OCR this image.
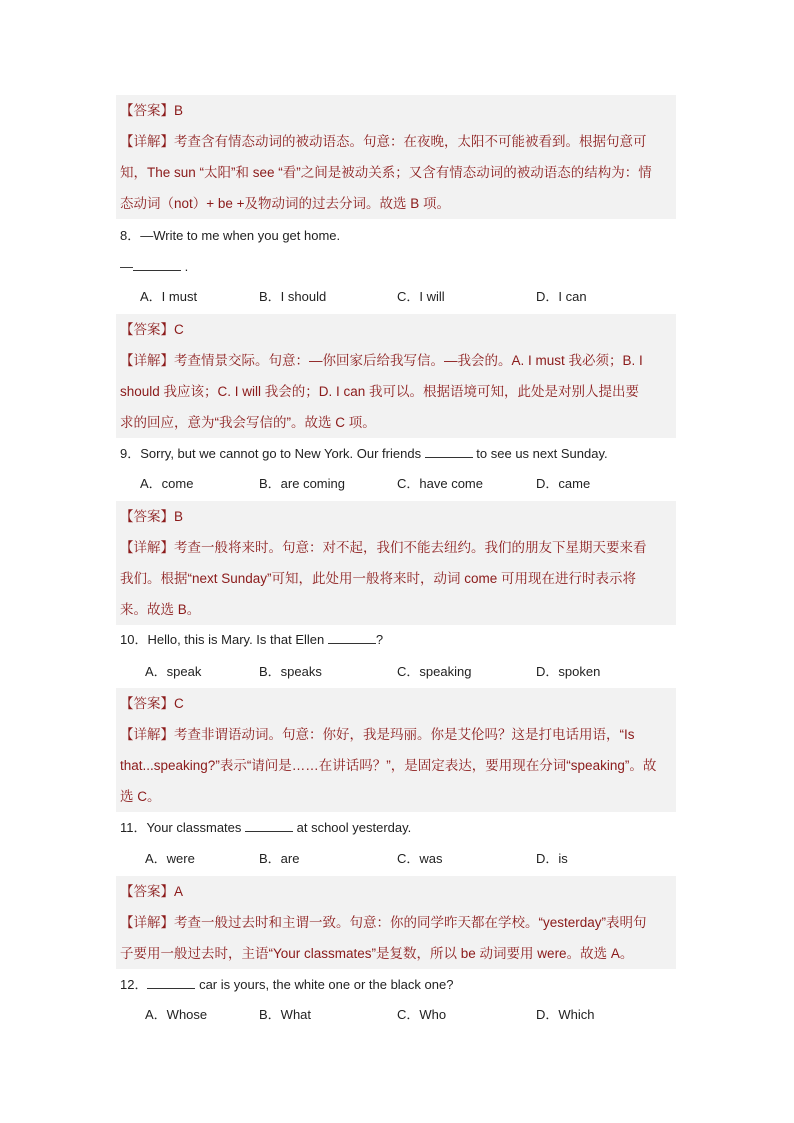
【答案】B

【详解】考查含有情态动词的被动语态。句意：在夜晚，太阳不可能被看到。根据句意可

知，The sun “太阳”和 see “看”之间是被动关系；又含有情态动词的被动语态的结构为：情

态动词（not）+ be +及物动词的过去分词。故选 B 项。

8．—Write to me when you get home.
—	.
A．I must	B．I should	C．I will	D．I can

【答案】C

【详解】考查情景交际。句意：—你回家后给我写信。—我会的。A. I must 我必须；B. I

should 我应该；C. I will 我会的；D. I can 我可以。根据语境可知，此处是对别人提出要

求的回应，意为“我会写信的”。故选 C 项。

9．Sorry, but we cannot go to New York. Our friends	to see us next Sunday.
A．come	B．are coming	C．have come	D．came

【答案】B

【详解】考查一般将来时。句意：对不起，我们不能去纽约。我们的朋友下星期天要来看

我们。根据“next Sunday”可知，此处用一般将来时，动词 come 可用现在进行时表示将

来。故选 B。

10．Hello, this is Mary. Is that Ellen	?
A．speak	B．speaks	C．speaking	D．spoken

【答案】C

【详解】考查非谓语动词。句意：你好，我是玛丽。你是艾伦吗？这是打电话用语，“Is

that...speaking?”表示“请问是……在讲话吗？”，是固定表达，要用现在分词“speaking”。故

选 C。

11．Your classmates	at school yesterday.
A．were	B．are	C．was	D．is

【答案】A

【详解】考查一般过去时和主谓一致。句意：你的同学昨天都在学校。“yesterday”表明句

子要用一般过去时，主语“Your classmates”是复数，所以 be 动词要用 were。故选 A。

12．	car is yours, the white one or the black one?
A．Whose	B．What	C．Who	D．Which
